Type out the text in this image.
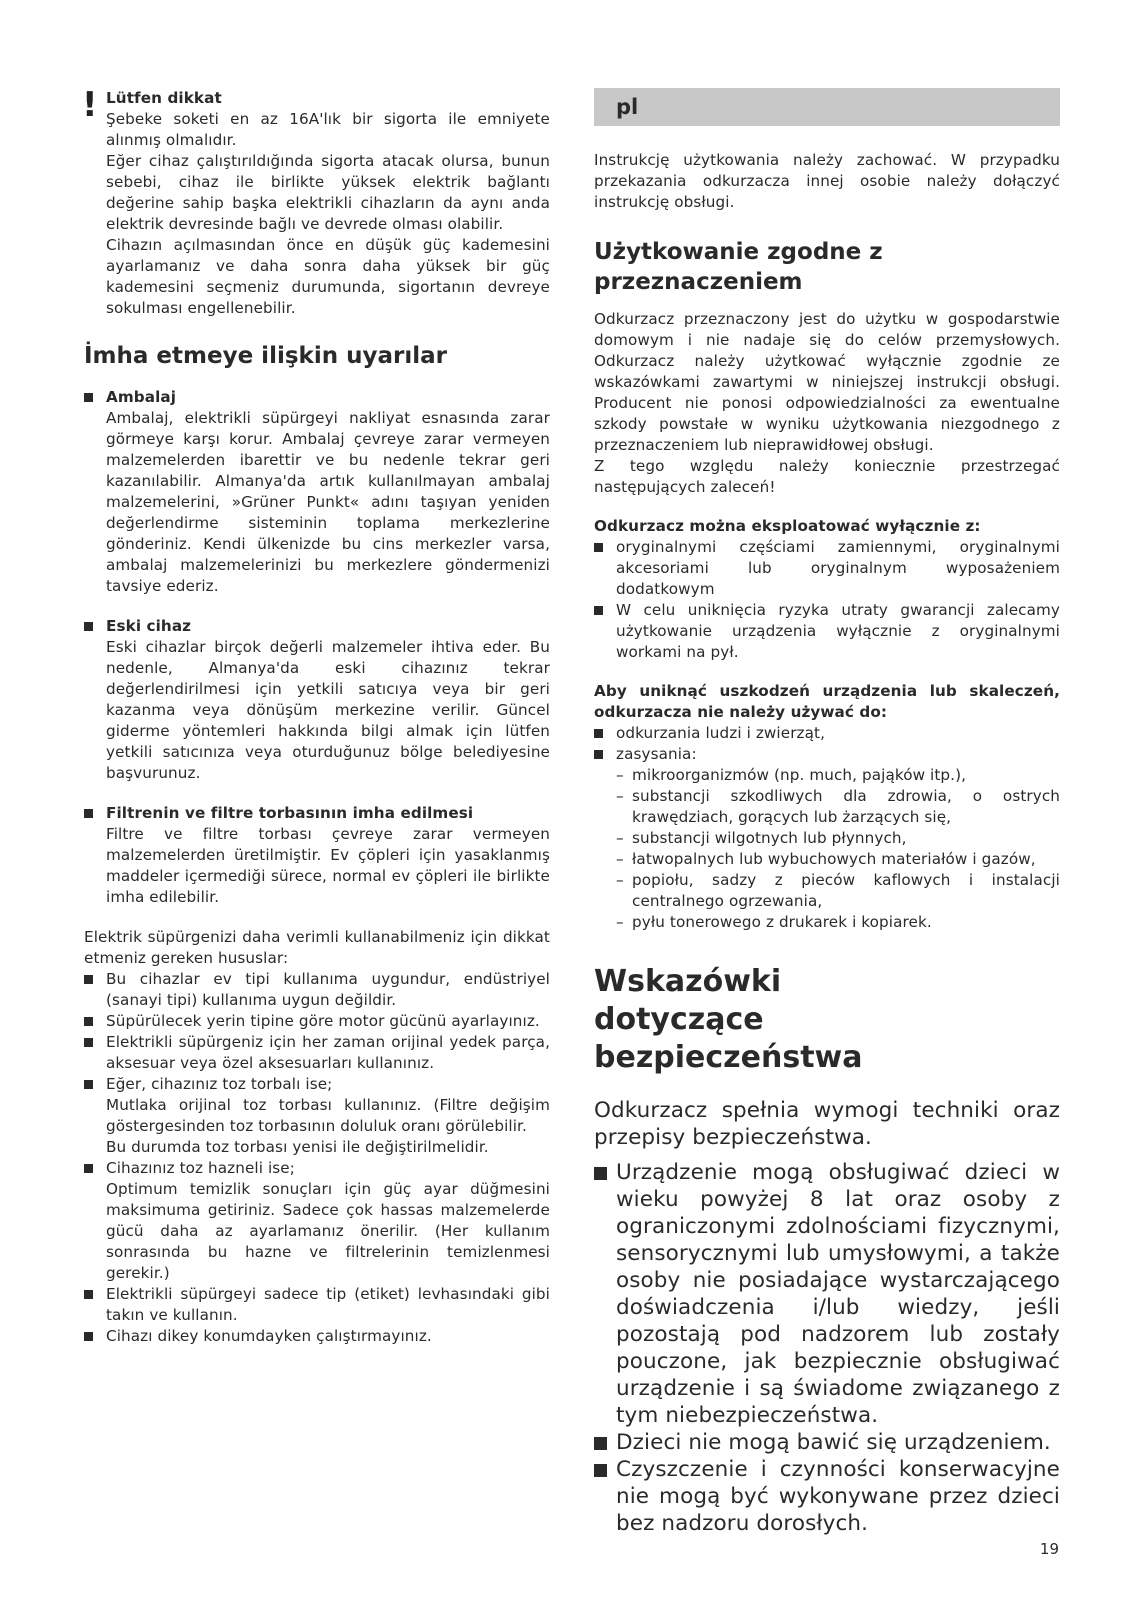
! Lütfen dikkat

Şebeke soketi en az 16A'lık bir sigorta ile emniyete alınmış olmalıdır.

Eğer cihaz çalıştırıldığında sigorta atacak olursa, bunun sebebi, cihaz ile birlikte yüksek elektrik bağlantı değerine sahip başka elektrikli cihazların da aynı anda elektrik devresinde bağlı ve devrede olması olabilir.

Cihazın açılmasından önce en düşük güç kademesini ayarlamanız ve daha sonra daha yüksek bir güç kademesini seçmeniz durumunda, sigortanın devreye sokulması engellenebilir.

İmha etmeye ilişkin uyarılar

Ambalaj

Ambalaj, elektrikli süpürgeyi nakliyat esnasında zarar görmeye karşı korur. Ambalaj çevreye zarar vermeyen malzemelerden ibarettir ve bu nedenle tekrar geri kazanılabilir. Almanya'da artık kullanılmayan ambalaj malzemelerini, »Grüner Punkt« adını taşıyan yeniden değerlendirme sisteminin toplama merkezlerine gönderiniz. Kendi ülkenizde bu cins merkezler varsa, ambalaj malzemelerinizi bu merkezlere göndermenizi tavsiye ederiz.

Eski cihaz

Eski cihazlar birçok değerli malzemeler ihtiva eder. Bu nedenle, Almanya'da eski cihazınız tekrar değerlendirilmesi için yetkili satıcıya veya bir geri kazanma veya dönüşüm merkezine verilir. Güncel giderme yöntemleri hakkında bilgi almak için lütfen yetkili satıcınıza veya oturduğunuz bölge belediyesine başvurunuz.

Filtrenin ve filtre torbasının imha edilmesi

Filtre ve filtre torbası çevreye zarar vermeyen malzemelerden üretilmiştir. Ev çöpleri için yasaklanmış maddeler içermediği sürece, normal ev çöpleri ile birlikte imha edilebilir.

Elektrik süpürgenizi daha verimli kullanabilmeniz için dikkat etmeniz gereken hususlar:

Bu cihazlar ev tipi kullanıma uygundur, endüstriyel (sanayi tipi) kullanıma uygun değildir.

Süpürülecek yerin tipine göre motor gücünü ayarlayınız.

Elektrikli süpürgeniz için her zaman orijinal yedek parça, aksesuar veya özel aksesuarları kullanınız.

Eğer, cihazınız toz torbalı ise;
Mutlaka orijinal toz torbası kullanınız. (Filtre değişim göstergesinden toz torbasının doluluk oranı görülebilir.
Bu durumda toz torbası yenisi ile değiştirilmelidir.

Cihazınız toz hazneli ise;
Optimum temizlik sonuçları için güç ayar düğmesini maksimuma getiriniz. Sadece çok hassas malzemelerde gücü daha az ayarlamanız önerilir. (Her kullanım sonrasında bu hazne ve filtrelerinin temizlenmesi gerekir.)

Elektrikli süpürgeyi sadece tip (etiket) levhasındaki gibi takın ve kullanın.

Cihazı dikey konumdayken çalıştırmayınız.

pl

Instrukcję użytkowania należy zachować. W przypadku przekazania odkurzacza innej osobie należy dołączyć instrukcję obsługi.

Użytkowanie zgodne z przeznaczeniem

Odkurzacz przeznaczony jest do użytku w gospodarstwie domowym i nie nadaje się do celów przemysłowych. Odkurzacz należy użytkować wyłącznie zgodnie ze wskazówkami zawartymi w niniejszej instrukcji obsługi. Producent nie ponosi odpowiedzialności za ewentualne szkody powstałe w wyniku użytkowania niezgodnego z przeznaczeniem lub nieprawidłowej obsługi.

Z tego względu należy koniecznie przestrzegać następujących zaleceń!

Odkurzacz można eksploatować wyłącznie z:

oryginalnymi częściami zamiennymi, oryginalnymi akcesoriami lub oryginalnym wyposażeniem dodatkowym

W celu uniknięcia ryzyka utraty gwarancji zalecamy użytkowanie urządzenia wyłącznie z oryginalnymi workami na pył.

Aby uniknąć uszkodzeń urządzenia lub skaleczeń, odkurzacza nie należy używać do:

odkurzania ludzi i zwierząt,

zasysania:

– mikroorganizmów (np. much, pająków itp.),

– substancji szkodliwych dla zdrowia, o ostrych krawędziach, gorących lub żarzących się,

– substancji wilgotnych lub płynnych,

– łatwopalnych lub wybuchowych materiałów i gazów,

– popiołu, sadzy z pieców kaflowych i instalacji centralnego ogrzewania,

– pyłu tonerowego z drukarek i kopiarek.

Wskazówki dotyczące bezpieczeństwa

Odkurzacz spełnia wymogi techniki oraz przepisy bezpieczeństwa.

Urządzenie mogą obsługiwać dzieci w wieku powyżej 8 lat oraz osoby z ograniczonymi zdolnościami fizycznymi, sensorycznymi lub umysłowymi, a także osoby nie posiadające wystarczającego doświadczenia i/lub wiedzy, jeśli pozostają pod nadzorem lub zostały pouczone, jak bezpiecznie obsługiwać urządzenie i są świadome związanego z tym niebezpieczeństwa.

Dzieci nie mogą bawić się urządzeniem.

Czyszczenie i czynności konserwacyjne nie mogą być wykonywane przez dzieci bez nadzoru dorosłych.

19
